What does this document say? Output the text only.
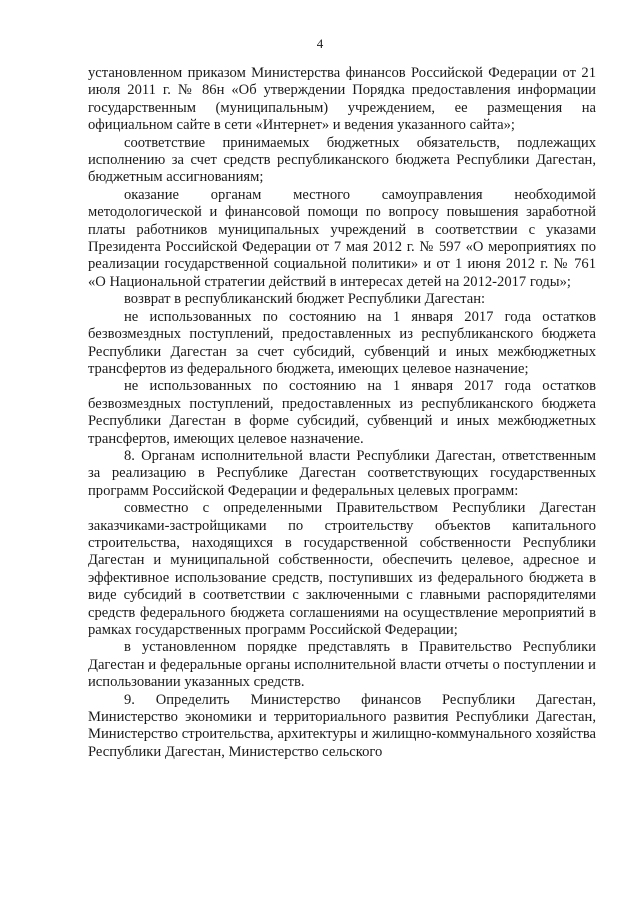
4

установленном приказом Министерства финансов Российской Федерации от 21 июля 2011 г. № 86н «Об утверждении Порядка предоставления информации государственным (муниципальным) учреждением, ее размещения на официальном сайте в сети «Интернет» и ведения указанного сайта»;

соответствие принимаемых бюджетных обязательств, подлежащих исполнению за счет средств республиканского бюджета Республики Дагестан, бюджетным ассигнованиям;

оказание органам местного самоуправления необходимой методологической и финансовой помощи по вопросу повышения заработной платы работников муниципальных учреждений в соответствии с указами Президента Российской Федерации от 7 мая 2012 г. № 597 «О мероприятиях по реализации государственной социальной политики» и от 1 июня 2012 г. № 761 «О Национальной стратегии действий в интересах детей на 2012-2017 годы»;

возврат в республиканский бюджет Республики Дагестан:

не использованных по состоянию на 1 января 2017 года остатков безвозмездных поступлений, предоставленных из республиканского бюджета Республики Дагестан за счет субсидий, субвенций и иных межбюджетных трансфертов из федерального бюджета, имеющих целевое назначение;

не использованных по состоянию на 1 января 2017 года остатков безвозмездных поступлений, предоставленных из республиканского бюджета Республики Дагестан в форме субсидий, субвенций и иных межбюджетных трансфертов, имеющих целевое назначение.

8. Органам исполнительной власти Республики Дагестан, ответственным за реализацию в Республике Дагестан соответствующих государственных программ Российской Федерации и федеральных целевых программ:

совместно с определенными Правительством Республики Дагестан заказчиками-застройщиками по строительству объектов капитального строительства, находящихся в государственной собственности Республики Дагестан и муниципальной собственности, обеспечить целевое, адресное и эффективное использование средств, поступивших из федерального бюджета в виде субсидий в соответствии с заключенными с главными распорядителями средств федерального бюджета соглашениями на осуществление мероприятий в рамках государственных программ Российской Федерации;

в установленном порядке представлять в Правительство Республики Дагестан и федеральные органы исполнительной власти отчеты о поступлении и использовании указанных средств.

9. Определить Министерство финансов Республики Дагестан, Министерство экономики и территориального развития Республики Дагестан, Министерство строительства, архитектуры и жилищно-коммунального хозяйства Республики Дагестан, Министерство сельского
